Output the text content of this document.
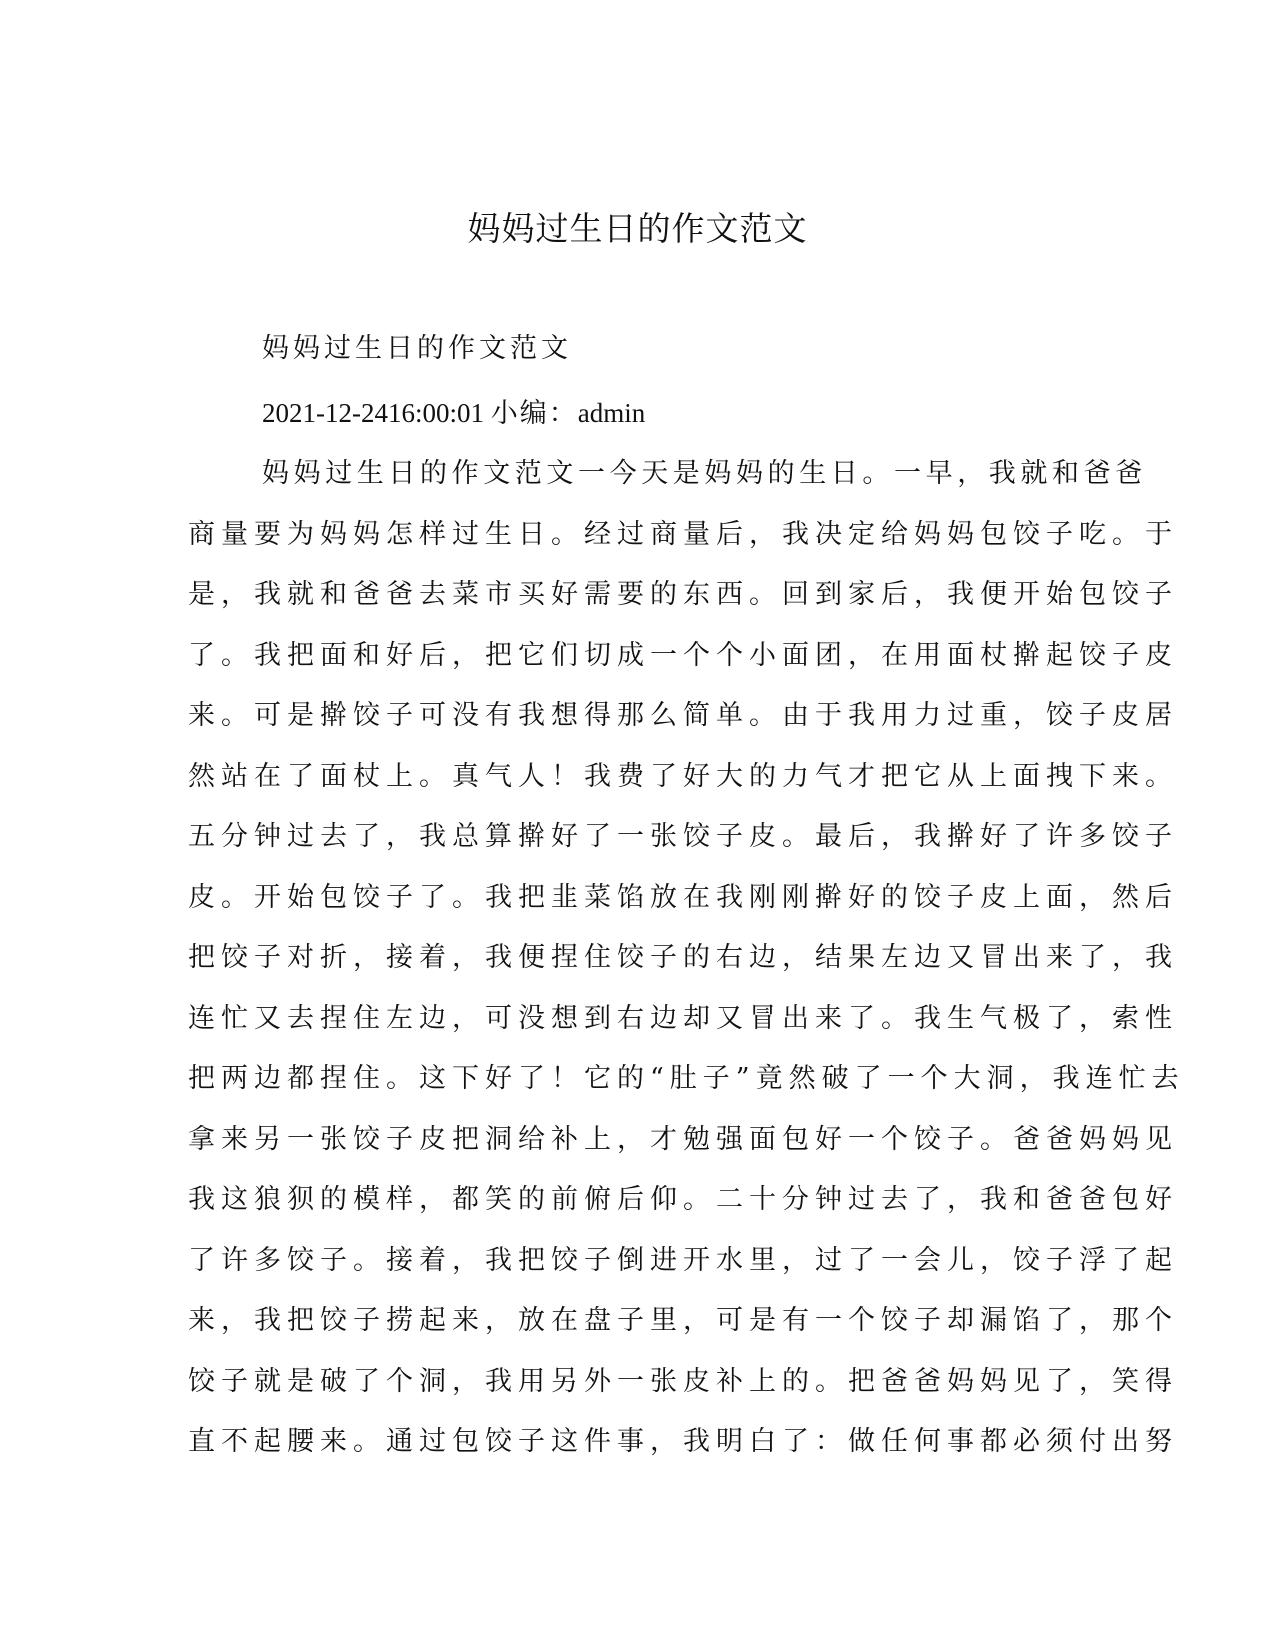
妈妈过生日的作文范文

妈妈过生日的作文范文

2021-12-2416:00:01 小编：admin

妈妈过生日的作文范文一今天是妈妈的生日。一早，我就和爸爸

商量要为妈妈怎样过生日。经过商量后，我决定给妈妈包饺子吃。于

是，我就和爸爸去菜市买好需要的东西。回到家后，我便开始包饺子

了。我把面和好后，把它们切成一个个小面团，在用面杖擀起饺子皮

来。可是擀饺子可没有我想得那么简单。由于我用力过重，饺子皮居

然站在了面杖上。真气人！我费了好大的力气才把它从上面拽下来。

五分钟过去了，我总算擀好了一张饺子皮。最后，我擀好了许多饺子

皮。开始包饺子了。我把韭菜馅放在我刚刚擀好的饺子皮上面，然后

把饺子对折，接着，我便捏住饺子的右边，结果左边又冒出来了，我

连忙又去捏住左边，可没想到右边却又冒出来了。我生气极了，索性

把两边都捏住。这下好了！它的“肚子”竟然破了一个大洞，我连忙去

拿来另一张饺子皮把洞给补上，才勉强面包好一个饺子。爸爸妈妈见

我这狼狈的模样，都笑的前俯后仰。二十分钟过去了，我和爸爸包好

了许多饺子。接着，我把饺子倒进开水里，过了一会儿，饺子浮了起

来，我把饺子捞起来，放在盘子里，可是有一个饺子却漏馅了，那个

饺子就是破了个洞，我用另外一张皮补上的。把爸爸妈妈见了，笑得

直不起腰来。通过包饺子这件事，我明白了：做任何事都必须付出努
